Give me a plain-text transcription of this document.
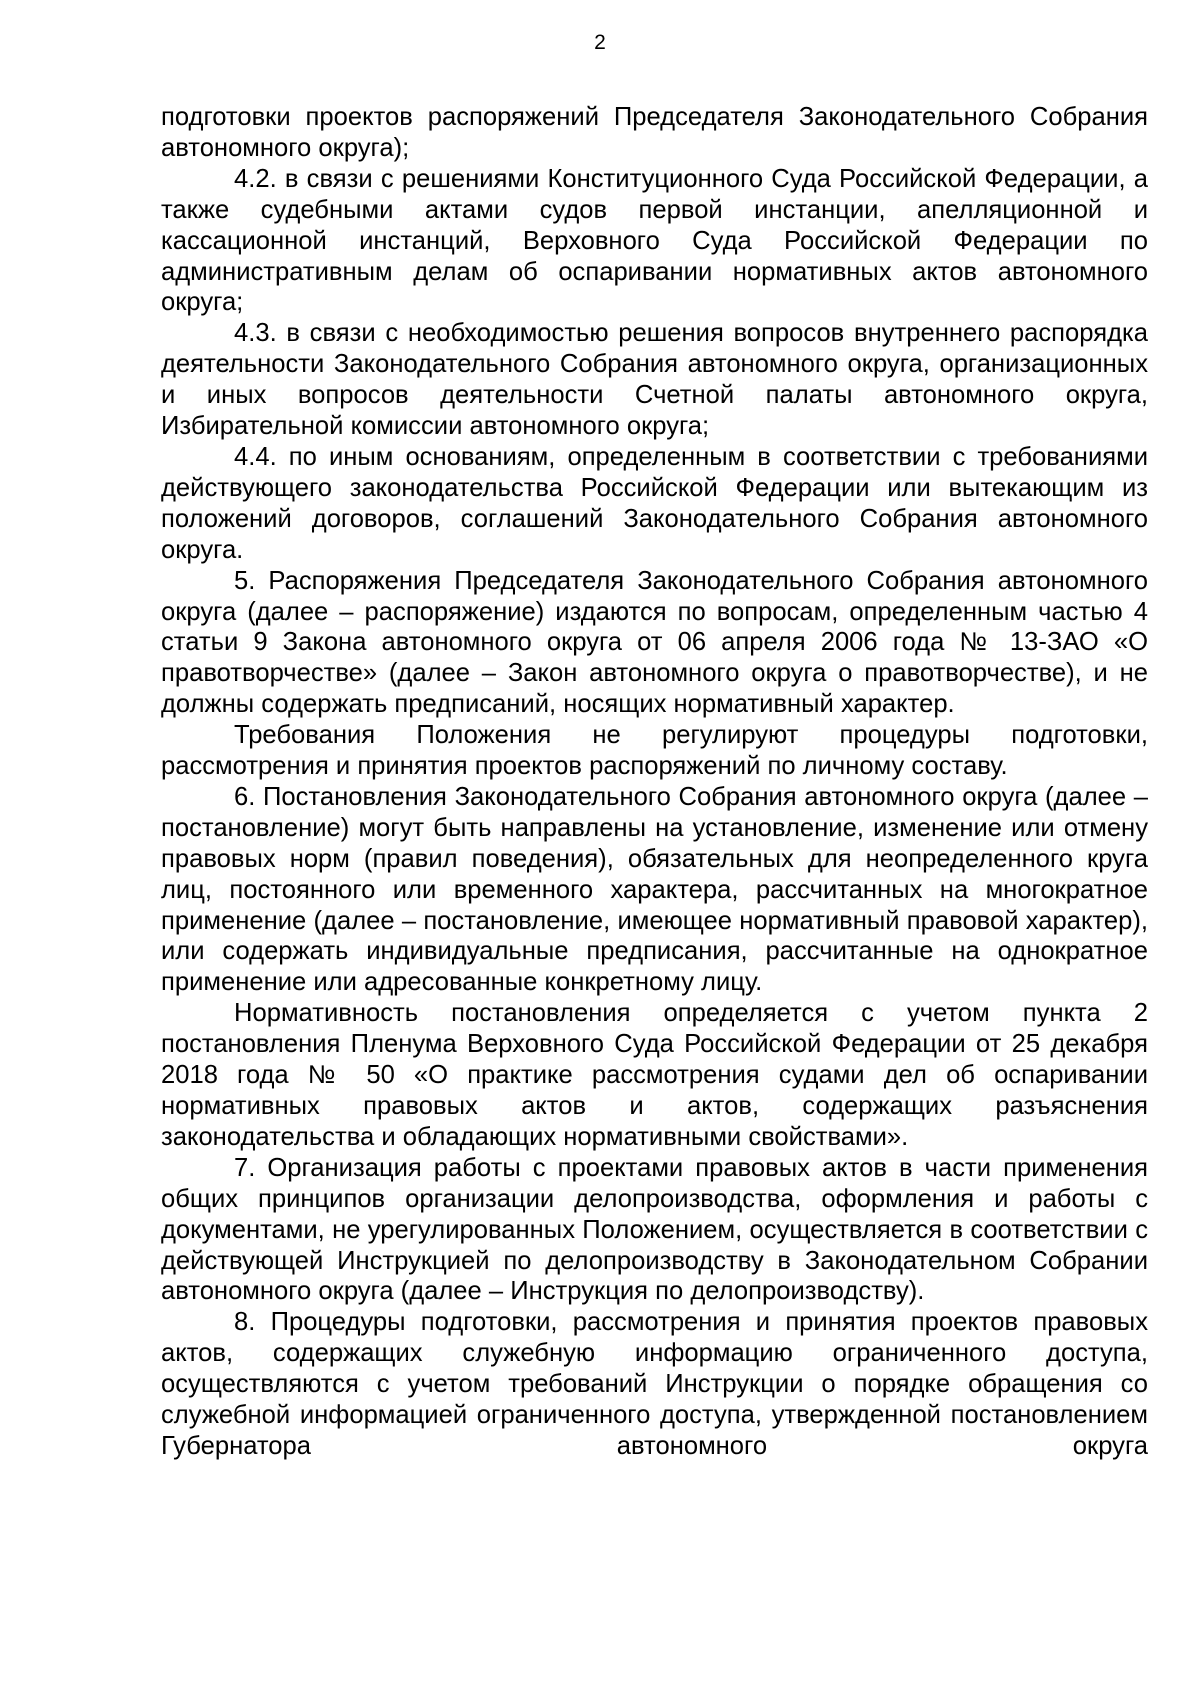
2

подготовки проектов распоряжений Председателя Законодательного Собрания автономного округа);

4.2. в связи с решениями Конституционного Суда Российской Федерации, а также судебными актами судов первой инстанции, апелляционной и кассационной инстанций, Верховного Суда Российской Федерации по административным делам об оспаривании нормативных актов автономного округа;

4.3. в связи с необходимостью решения вопросов внутреннего распорядка деятельности Законодательного Собрания автономного округа, организационных и иных вопросов деятельности Счетной палаты автономного округа, Избирательной комиссии автономного округа;

4.4. по иным основаниям, определенным в соответствии с требованиями действующего законодательства Российской Федерации или вытекающим из положений договоров, соглашений Законодательного Собрания автономного округа.

5. Распоряжения Председателя Законодательного Собрания автономного округа (далее – распоряжение) издаются по вопросам, определенным частью 4 статьи 9 Закона автономного округа от 06 апреля 2006 года № 13-ЗАО «О правотворчестве» (далее – Закон автономного округа о правотворчестве), и не должны содержать предписаний, носящих нормативный характер.

Требования Положения не регулируют процедуры подготовки, рассмотрения и принятия проектов распоряжений по личному составу.

6. Постановления Законодательного Собрания автономного округа (далее – постановление) могут быть направлены на установление, изменение или отмену правовых норм (правил поведения), обязательных для неопределенного круга лиц, постоянного или временного характера, рассчитанных на многократное применение (далее – постановление, имеющее нормативный правовой характер), или содержать индивидуальные предписания, рассчитанные на однократное применение или адресованные конкретному лицу.

Нормативность постановления определяется с учетом пункта 2 постановления Пленума Верховного Суда Российской Федерации от 25 декабря 2018 года № 50 «О практике рассмотрения судами дел об оспаривании нормативных правовых актов и актов, содержащих разъяснения законодательства и обладающих нормативными свойствами».

7. Организация работы с проектами правовых актов в части применения общих принципов организации делопроизводства, оформления и работы с документами, не урегулированных Положением, осуществляется в соответствии с действующей Инструкцией по делопроизводству в Законодательном Собрании автономного округа (далее – Инструкция по делопроизводству).

8. Процедуры подготовки, рассмотрения и принятия проектов правовых актов, содержащих служебную информацию ограниченного доступа, осуществляются с учетом требований Инструкции о порядке обращения со служебной информацией ограниченного доступа, утвержденной постановлением Губернатора автономного округа
